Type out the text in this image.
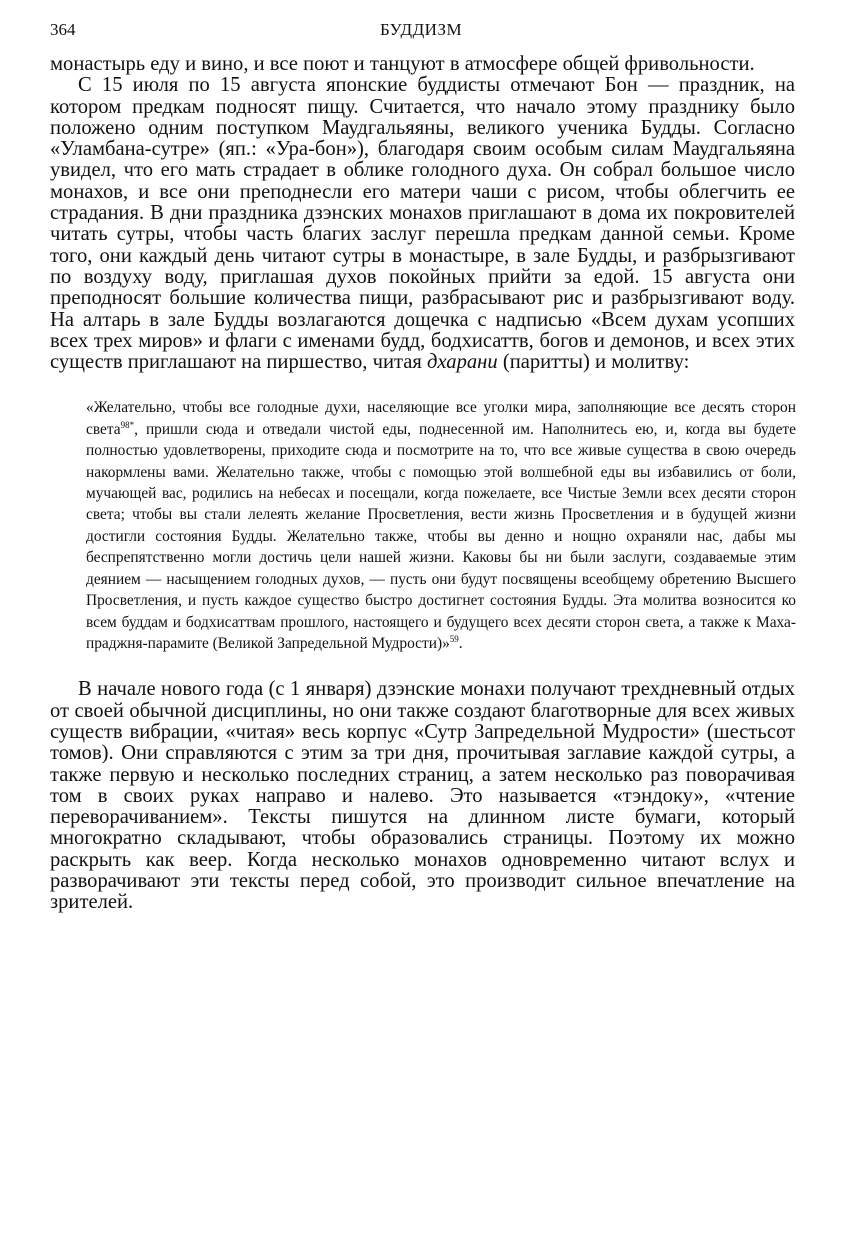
364	БУДДИЗМ

монастырь еду и вино, и все поют и танцуют в атмосфере общей фривольности.

С 15 июля по 15 августа японские буддисты отмечают Бон — праздник, на котором предкам подносят пищу. Считается, что начало этому празднику было положено одним поступком Маудгальяяны, великого ученика Будды. Согласно «Уламбана-сутре» (яп.: «Ура-бон»), благодаря своим особым силам Маудгальяяна увидел, что его мать страдает в облике голодного духа. Он собрал большое число монахов, и все они преподнесли его матери чаши с рисом, чтобы облегчить ее страдания. В дни праздника дзэнских монахов приглашают в дома их покровителей читать сутры, чтобы часть благих заслуг перешла предкам данной семьи. Кроме того, они каждый день читают сутры в монастыре, в зале Будды, и разбрызгивают по воздуху воду, приглашая духов покойных прийти за едой. 15 августа они преподносят большие количества пищи, разбрасывают рис и разбрызгивают воду. На алтарь в зале Будды возлагаются дощечка с надписью «Всем духам усопших всех трех миров» и флаги с именами будд, бодхисаттв, богов и демонов, и всех этих существ приглашают на пиршество, читая дхарани (паритты) и молитву:

«Желательно, чтобы все голодные духи, населяющие все уголки мира, заполняющие все десять сторон света$^{98*}$, пришли сюда и отведали чистой еды, поднесенной им. Наполнитесь ею, и, когда вы будете полностью удовлетворены, приходите сюда и посмотрите на то, что все живые существа в свою очередь накормлены вами. Желательно также, чтобы с помощью этой волшебной еды вы избавились от боли, мучающей вас, родились на небесах и посещали, когда пожелаете, все Чистые Земли всех десяти сторон света; чтобы вы стали лелеять желание Просветления, вести жизнь Просветления и в будущей жизни достигли состояния Будды. Желательно также, чтобы вы денно и нощно охраняли нас, дабы мы беспрепятственно могли достичь цели нашей жизни. Каковы бы ни были заслуги, создаваемые этим деянием — насыщением голодных духов, — пусть они будут посвящены всеобщему обретению Высшего Просветления, и пусть каждое существо быстро достигнет состояния Будды. Эта молитва возносится ко всем буддам и бодхисаттвам прошлого, настоящего и будущего всех десяти сторон света, а также к Маха-праджня-парамите (Великой Запредельной Мудрости)»$^{59}$.

В начале нового года (с 1 января) дзэнские монахи получают трехдневный отдых от своей обычной дисциплины, но они также создают благотворные для всех живых существ вибрации, «читая» весь корпус «Сутр Запредельной Мудрости» (шестьсот томов). Они справляются с этим за три дня, прочитывая заглавие каждой сутры, а также первую и несколько последних страниц, а затем несколько раз поворачивая том в своих руках направо и налево. Это называется «тэндоку», «чтение переворачиванием». Тексты пишутся на длинном листе бумаги, который многократно складывают, чтобы образовались страницы. Поэтому их можно раскрыть как веер. Когда несколько монахов одновременно читают вслух и разворачивают эти тексты перед собой, это производит сильное впечатление на зрителей.
